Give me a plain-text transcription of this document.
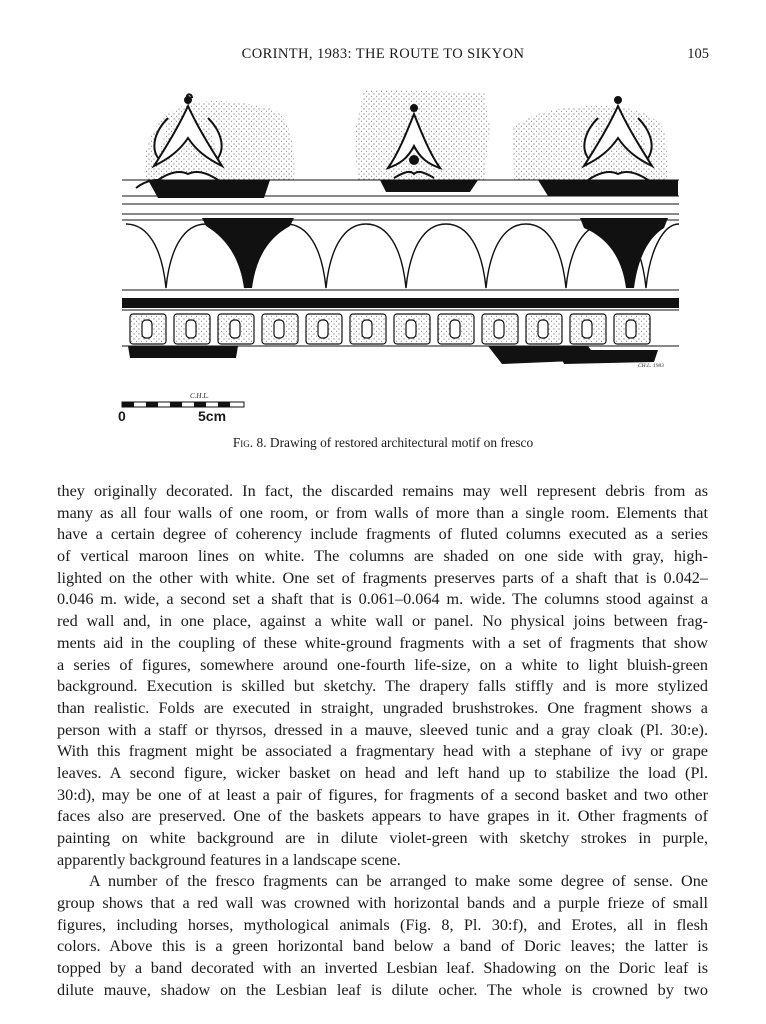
CORINTH, 1983: THE ROUTE TO SIKYON	105
CH.L. 1983
C.H.L.
0	5cm
Fig. 8. Drawing of restored architectural motif on fresco
they originally decorated. In fact, the discarded remains may well represent debris from as
many as all four walls of one room, or from walls of more than a single room. Elements that
have a certain degree of coherency include fragments of fluted columns executed as a series
of vertical maroon lines on white. The columns are shaded on one side with gray, high-
lighted on the other with white. One set of fragments preserves parts of a shaft that is 0.042–
0.046 m. wide, a second set a shaft that is 0.061–0.064 m. wide. The columns stood against a
red wall and, in one place, against a white wall or panel. No physical joins between frag-
ments aid in the coupling of these white-ground fragments with a set of fragments that show
a series of figures, somewhere around one-fourth life-size, on a white to light bluish-green
background. Execution is skilled but sketchy. The drapery falls stiffly and is more stylized
than realistic. Folds are executed in straight, ungraded brushstrokes. One fragment shows a
person with a staff or thyrsos, dressed in a mauve, sleeved tunic and a gray cloak (Pl. 30:e).
With this fragment might be associated a fragmentary head with a stephane of ivy or grape
leaves. A second figure, wicker basket on head and left hand up to stabilize the load (Pl.
30:d), may be one of at least a pair of figures, for fragments of a second basket and two other
faces also are preserved. One of the baskets appears to have grapes in it. Other fragments of
painting on white background are in dilute violet-green with sketchy strokes in purple,
apparently background features in a landscape scene.
A number of the fresco fragments can be arranged to make some degree of sense. One
group shows that a red wall was crowned with horizontal bands and a purple frieze of small
figures, including horses, mythological animals (Fig. 8, Pl. 30:f), and Erotes, all in flesh
colors. Above this is a green horizontal band below a band of Doric leaves; the latter is
topped by a band decorated with an inverted Lesbian leaf. Shadowing on the Doric leaf is
dilute mauve, shadow on the Lesbian leaf is dilute ocher. The whole is crowned by two
